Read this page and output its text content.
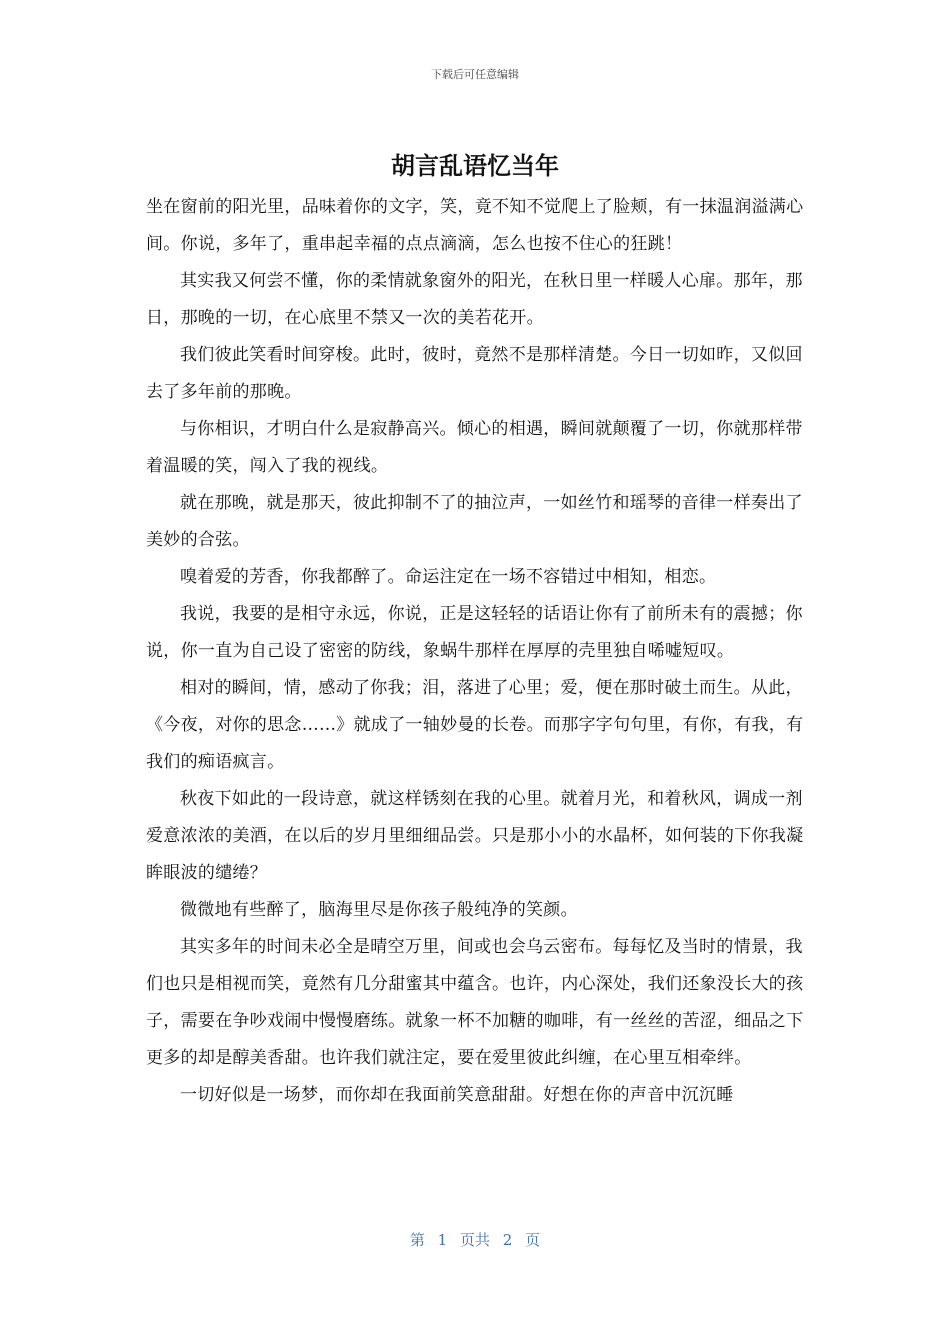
下载后可任意编辑
胡言乱语忆当年

坐在窗前的阳光里，品味着你的文字，笑，竟不知不觉爬上了脸颊，有一抹温润溢满心间。你说，多年了，重串起幸福的点点滴滴，怎么也按不住心的狂跳！

其实我又何尝不懂，你的柔情就象窗外的阳光，在秋日里一样暖人心扉。那年，那日，那晚的一切，在心底里不禁又一次的美若花开。

我们彼此笑看时间穿梭。此时，彼时，竟然不是那样清楚。今日一切如昨，又似回去了多年前的那晚。

与你相识，才明白什么是寂静高兴。倾心的相遇，瞬间就颠覆了一切，你就那样带着温暖的笑，闯入了我的视线。

就在那晚，就是那天，彼此抑制不了的抽泣声，一如丝竹和瑶琴的音律一样奏出了美妙的合弦。

嗅着爱的芳香，你我都醉了。命运注定在一场不容错过中相知，相恋。

我说，我要的是相守永远，你说，正是这轻轻的话语让你有了前所未有的震撼；你说，你一直为自己设了密密的防线，象蜗牛那样在厚厚的壳里独自唏嘘短叹。

相对的瞬间，情，感动了你我；泪，落进了心里；爱，便在那时破土而生。从此，《今夜，对你的思念……》就成了一轴妙曼的长卷。而那字字句句里，有你，有我，有我们的痴语疯言。

秋夜下如此的一段诗意，就这样锈刻在我的心里。就着月光，和着秋风，调成一剂爱意浓浓的美酒，在以后的岁月里细细品尝。只是那小小的水晶杯，如何装的下你我凝眸眼波的缱绻？

微微地有些醉了，脑海里尽是你孩子般纯净的笑颜。

其实多年的时间未必全是晴空万里，间或也会乌云密布。每每忆及当时的情景，我们也只是相视而笑，竟然有几分甜蜜其中蕴含。也许，内心深处，我们还象没长大的孩子，需要在争吵戏闹中慢慢磨练。就象一杯不加糖的咖啡，有一丝丝的苦涩，细品之下更多的却是醇美香甜。也许我们就注定，要在爱里彼此纠缠，在心里互相牵绊。

一切好似是一场梦，而你却在我面前笑意甜甜。好想在你的声音中沉沉睡

第 1 页共 2 页
